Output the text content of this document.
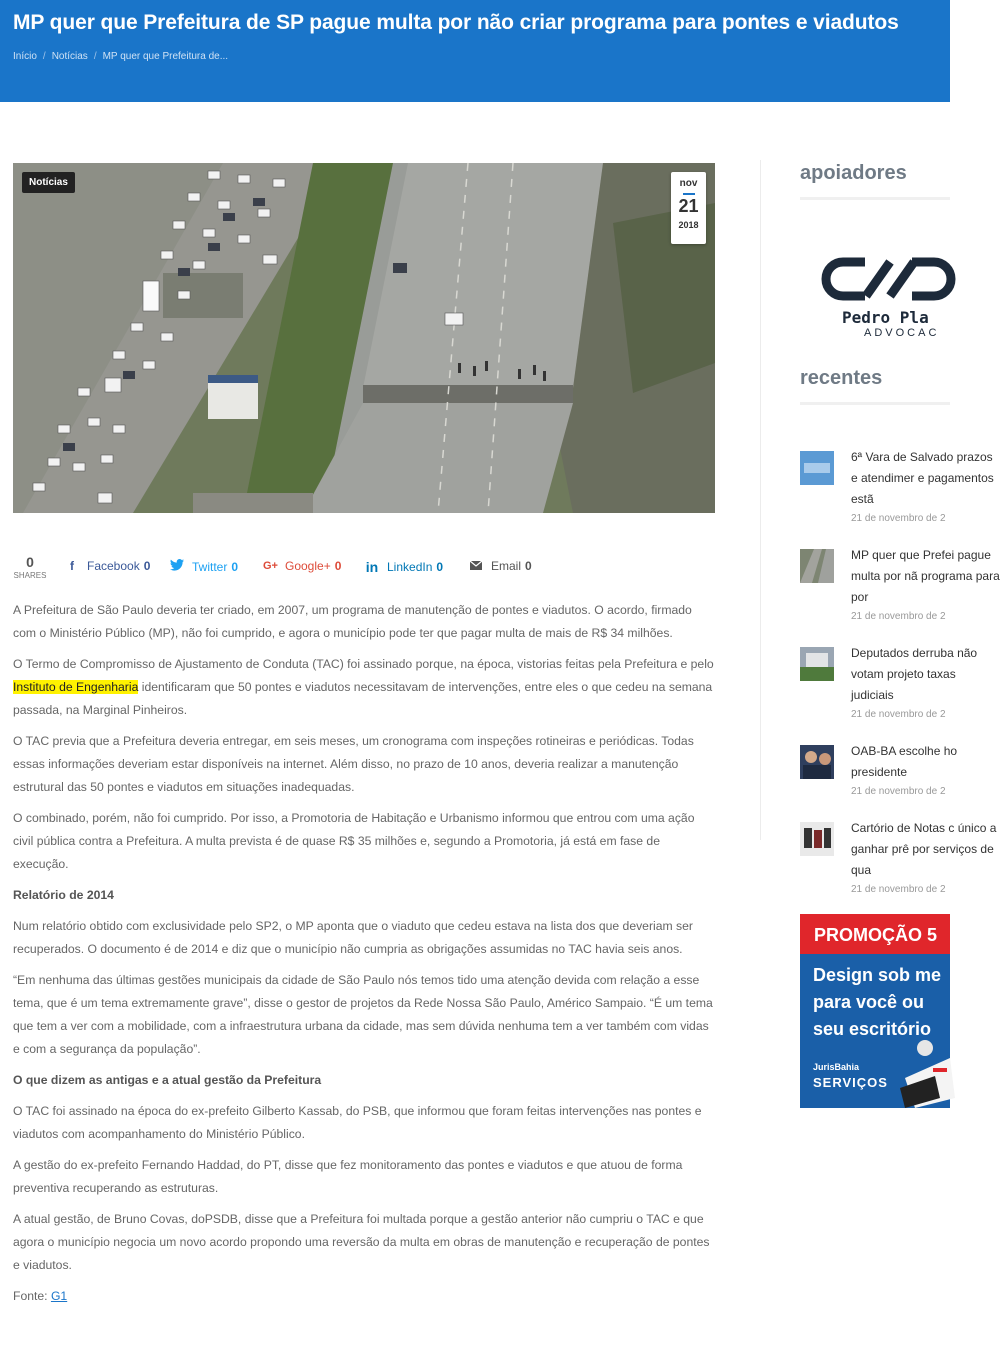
MP quer que Prefeitura de SP pague multa por não criar programa para pontes e viadutos
Início / Notícias / MP quer que Prefeitura de...
Notícias	nov
21
2018
0
SHARES
f	Facebook 0	Twitter 0 G+ Google+ 0 in LinkedIn 0	Email 0

A Prefeitura de São Paulo deveria ter criado, em 2007, um programa de manutenção de pontes e viadutos. O acordo, firmado com o Ministério Público (MP), não foi cumprido, e agora o município pode ter que pagar multa de mais de R$ 34 milhões.

O Termo de Compromisso de Ajustamento de Conduta (TAC) foi assinado porque, na época, vistorias feitas pela Prefeitura e pelo Instituto de Engenharia identificaram que 50 pontes e viadutos necessitavam de intervenções, entre eles o que cedeu na semana passada, na Marginal Pinheiros.

O TAC previa que a Prefeitura deveria entregar, em seis meses, um cronograma com inspeções rotineiras e periódicas. Todas essas informações deveriam estar disponíveis na internet. Além disso, no prazo de 10 anos, deveria realizar a manutenção estrutural das 50 pontes e viadutos em situações inadequadas.

O combinado, porém, não foi cumprido. Por isso, a Promotoria de Habitação e Urbanismo informou que entrou com uma ação civil pública contra a Prefeitura. A multa prevista é de quase R$ 35 milhões e, segundo a Promotoria, já está em fase de execução.

Relatório de 2014

Num relatório obtido com exclusividade pelo SP2, o MP aponta que o viaduto que cedeu estava na lista dos que deveriam ser recuperados. O documento é de 2014 e diz que o município não cumpria as obrigações assumidas no TAC havia seis anos.

“Em nenhuma das últimas gestões municipais da cidade de São Paulo nós temos tido uma atenção devida com relação a esse tema, que é um tema extremamente grave”, disse o gestor de projetos da Rede Nossa São Paulo, Américo Sampaio. “É um tema que tem a ver com a mobilidade, com a infraestrutura urbana da cidade, mas sem dúvida nenhuma tem a ver também com vidas e com a segurança da população”.

O que dizem as antigas e a atual gestão da Prefeitura

O TAC foi assinado na época do ex-prefeito Gilberto Kassab, do PSB, que informou que foram feitas intervenções nas pontes e viadutos com acompanhamento do Ministério Público.

A gestão do ex-prefeito Fernando Haddad, do PT, disse que fez monitoramento das pontes e viadutos e que atuou de forma preventiva recuperando as estruturas.

A atual gestão, de Bruno Covas, doPSDB, disse que a Prefeitura foi multada porque a gestão anterior não cumpriu o TAC e que agora o município negocia um novo acordo propondo uma reversão da multa em obras de manutenção e recuperação de pontes e viadutos.

Fonte: G1

apoiadores
Pedro Pla
ADVOCAC
recentes
6ª Vara de Salvado prazos e atendimer e pagamentos estã
21 de novembro de 2
MP quer que Prefei pague multa por nã programa para por
21 de novembro de 2
Deputados derruba não votam projeto taxas judiciais
21 de novembro de 2
OAB-BA escolhe ho presidente
21 de novembro de 2
Cartório de Notas c único a ganhar prê por serviços de qua
21 de novembro de 2
PROMOÇÃO 5
Design sob me
para você ou
seu escritório
JurisBahia
SERVIÇOS
